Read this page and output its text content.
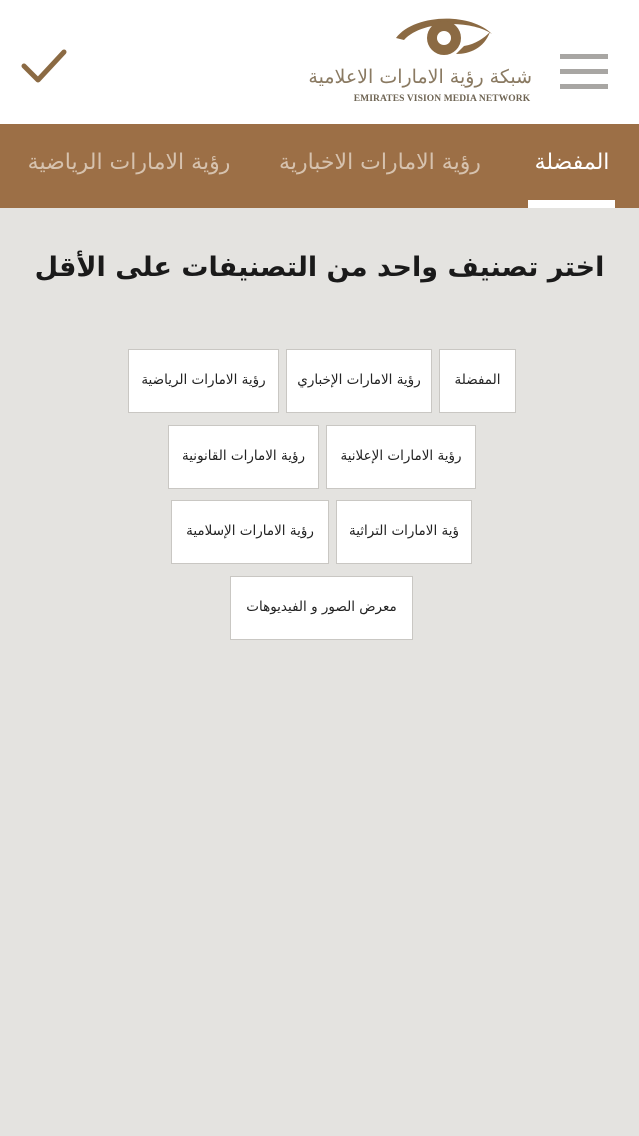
شبكة رؤية الامارات الاعلامية
EMIRATES VISION MEDIA NETWORK
المفضلة
رؤية الامارات الاخبارية
رؤية الامارات الرياضية
اختر تصنيف واحد من التصنيفات على الأقل
المفضلة
رؤية الامارات الإخباري
رؤية الامارات الرياضية
رؤية الامارات الإعلانية
رؤية الامارات القانونية
ؤية الامارات التراثية
رؤية الامارات الإسلامية
معرض الصور و الفيديوهات
